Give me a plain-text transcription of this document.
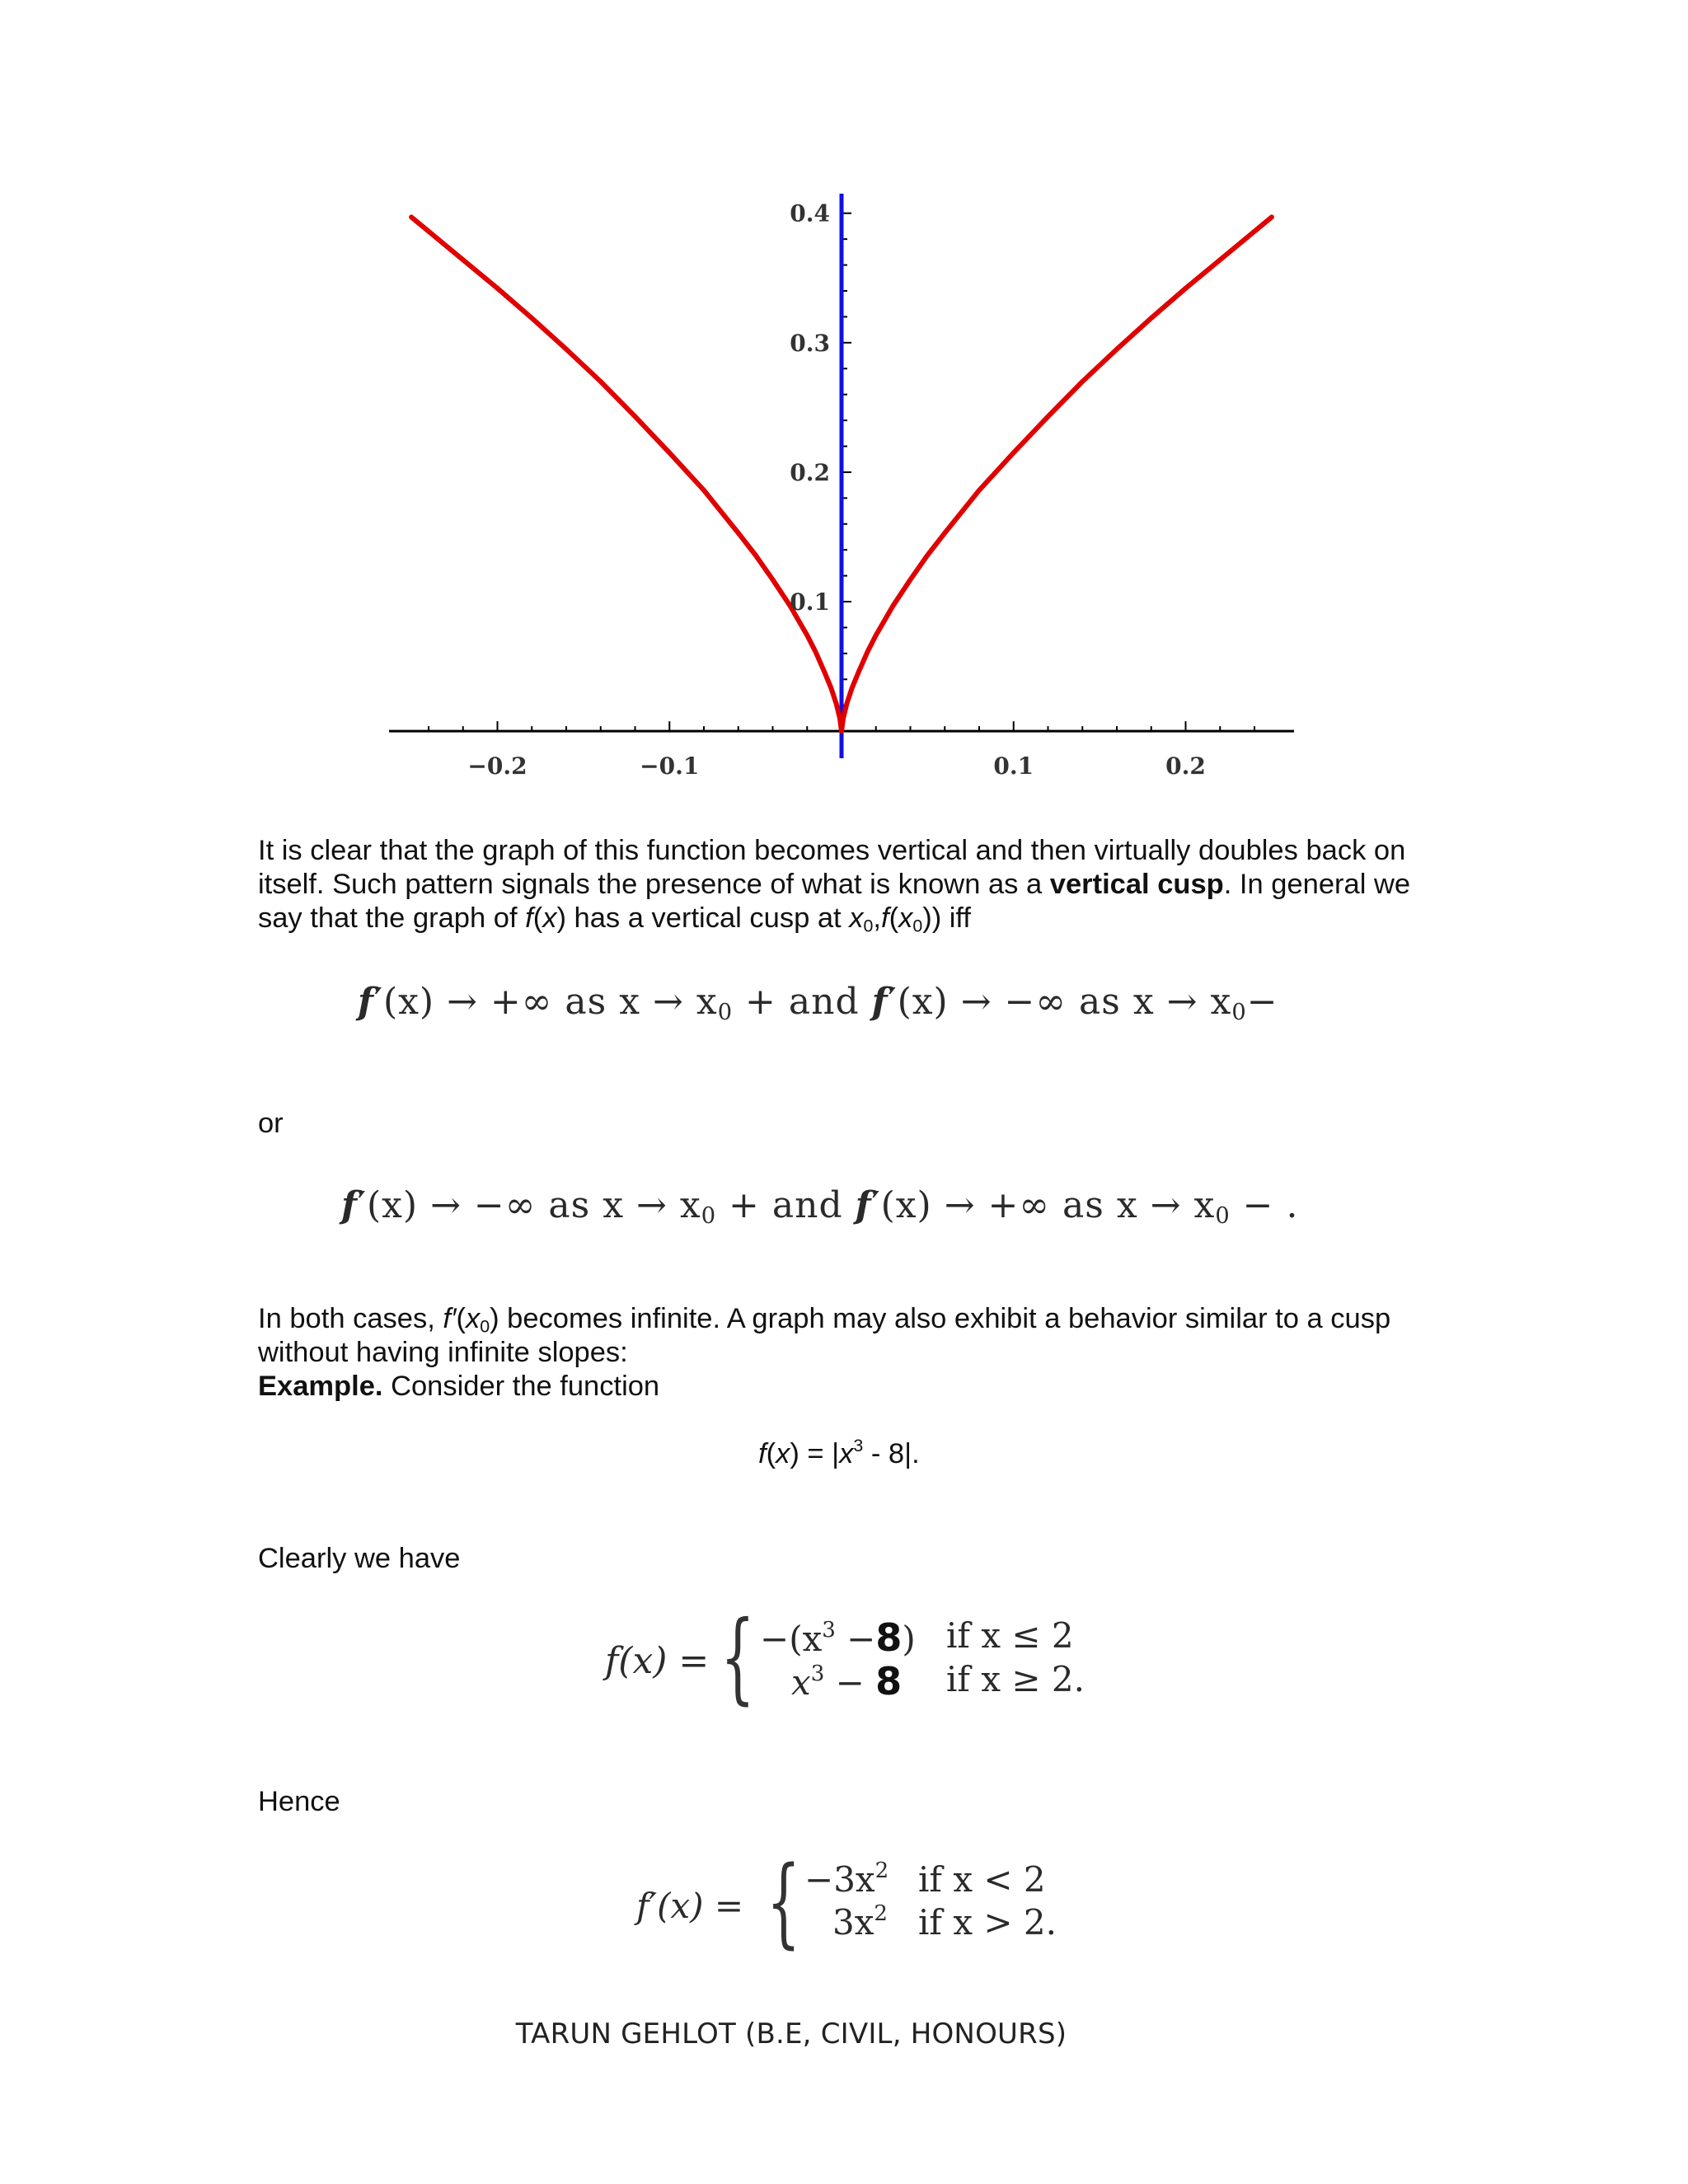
−0.2	−0.1	0.1	0.2
0.1
0.2
0.3
0.4
It is clear that the graph of this function becomes vertical and then virtually doubles back on itself. Such pattern signals the presence of what is known as a vertical cusp. In general we say that the graph of f(x) has a vertical cusp at $x_0,f(x_0)$) iff
f′(x) → +∞ as $x \to x_0$ + and f′(x) → −∞ as $x \to x_0-$
or
f′(x) → −∞ as $x \to x_0$ + and f′(x) → +∞ as $x \to x_0$ − .
In both cases, $f'(x_0)$ becomes infinite. A graph may also exhibit a behavior similar to a cusp without having infinite slopes:
Example. Consider the function
$f(x) = |x^3 - 8|$.
Clearly we have
f(x) = { $-(x^3 -8)$ if x ≤ 2
$x^3 - 8$ if x ≥ 2.
Hence
f′(x) = { $-3x^2$ if x < 2
$3x^2$ if x > 2.
TARUN GEHLOT (B.E, CIVIL, HONOURS)
